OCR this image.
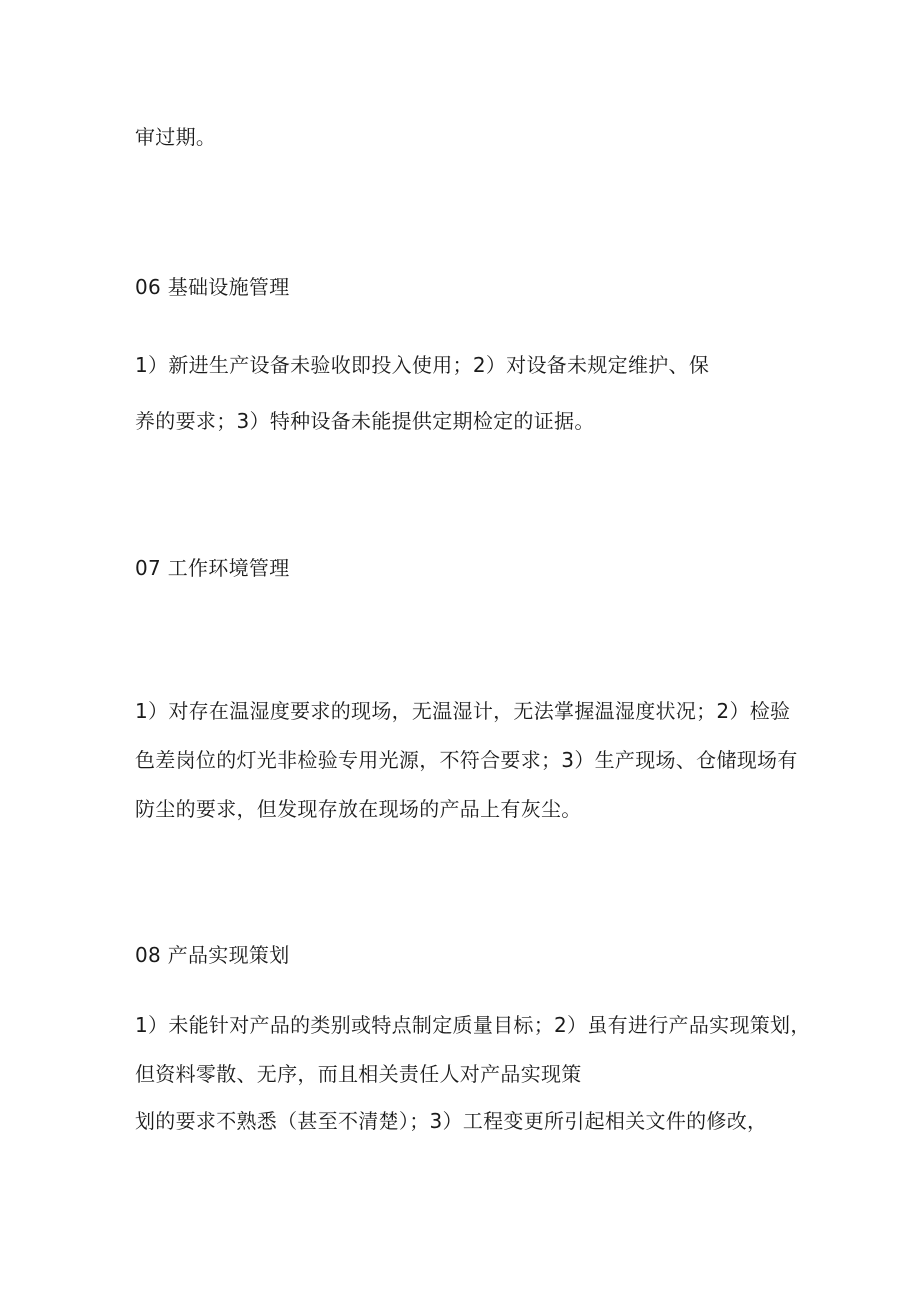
审过期。
06 基础设施管理
1）新进生产设备未验收即投入使用；2）对设备未规定维护、保
养的要求；3）特种设备未能提供定期检定的证据。
07 工作环境管理
1）对存在温湿度要求的现场，无温湿计，无法掌握温湿度状况；2）检验
色差岗位的灯光非检验专用光源，不符合要求；3）生产现场、仓储现场有
防尘的要求，但发现存放在现场的产品上有灰尘。
08 产品实现策划
1）未能针对产品的类别或特点制定质量目标；2）虽有进行产品实现策划，
但资料零散、无序，而且相关责任人对产品实现策
划的要求不熟悉（甚至不清楚）；3）工程变更所引起相关文件的修改，
